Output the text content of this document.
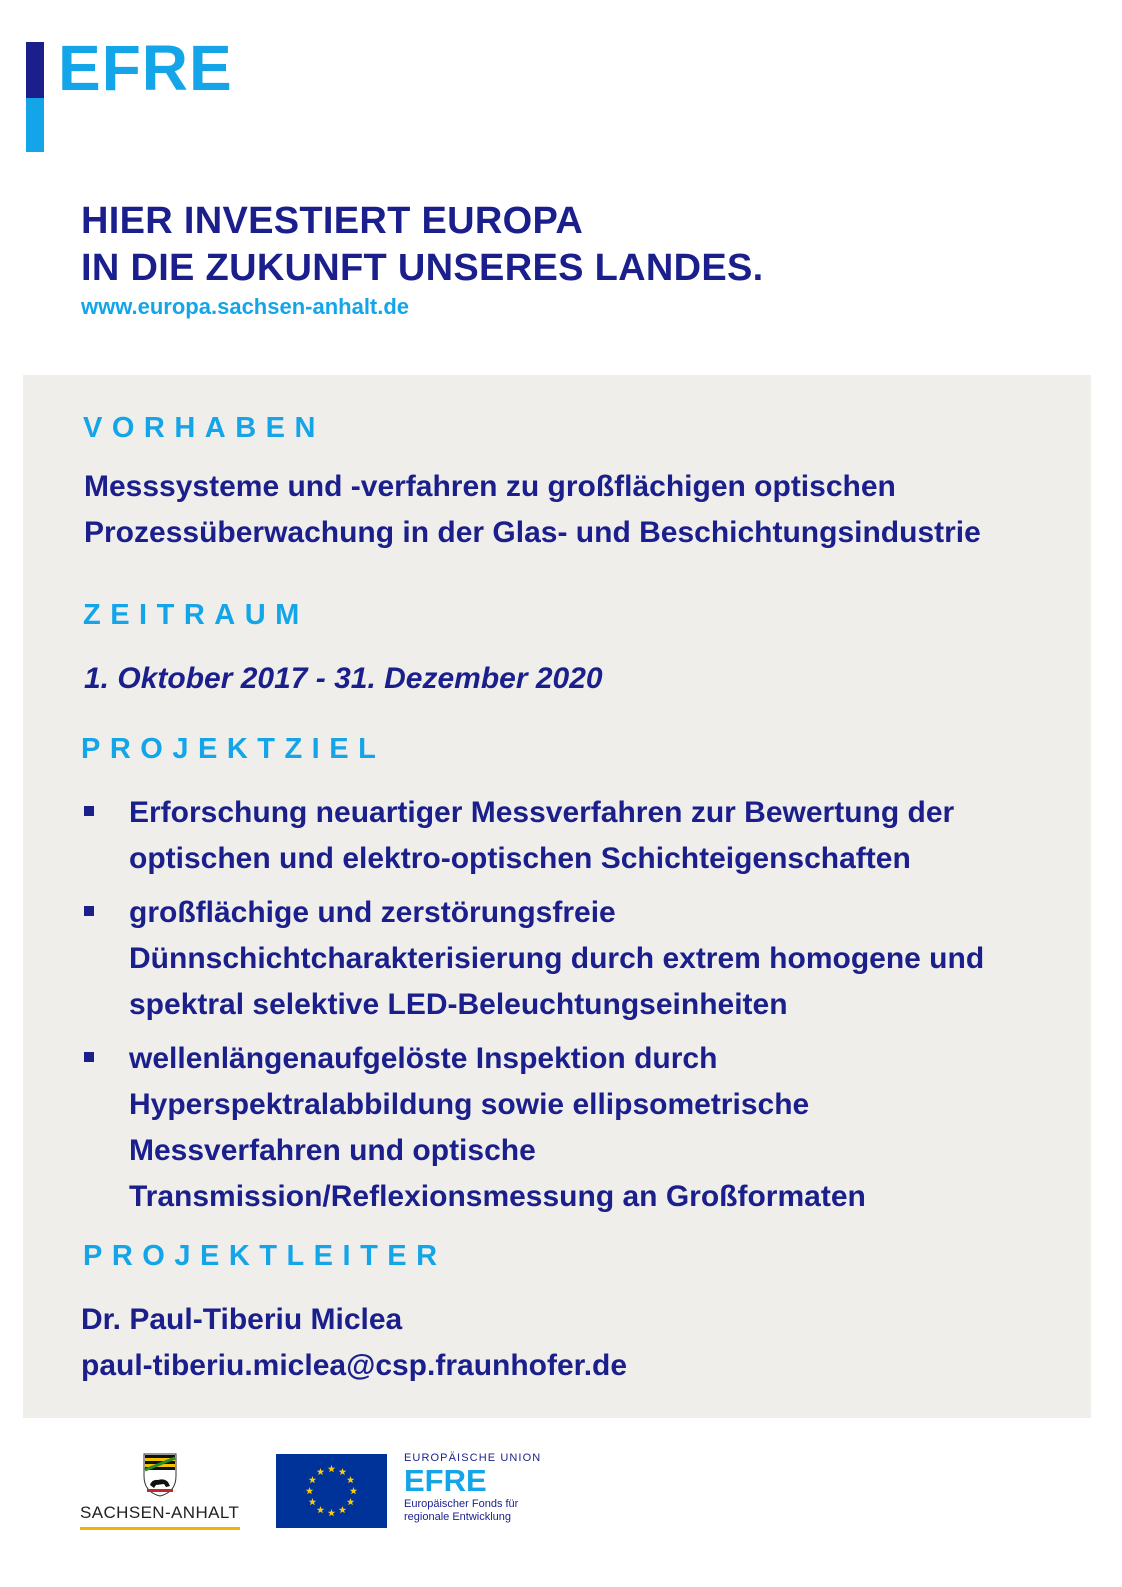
EFRE
HIER INVESTIERT EUROPA
IN DIE ZUKUNFT UNSERES LANDES.
www.europa.sachsen-anhalt.de
VORHABEN
Messsysteme und -verfahren zu großflächigen optischen
Prozessüberwachung in der Glas- und Beschichtungsindustrie
ZEITRAUM
1. Oktober 2017 - 31. Dezember 2020
PROJEKTZIEL
Erforschung neuartiger Messverfahren zur Bewertung der
optischen und elektro-optischen Schichteigenschaften
großflächige und zerstörungsfreie
Dünnschichtcharakterisierung durch extrem homogene und
spektral selektive LED-Beleuchtungseinheiten
wellenlängenaufgelöste Inspektion durch
Hyperspektralabbildung sowie ellipsometrische
Messverfahren und optische
Transmission/Reflexionsmessung an Großformaten
PROJEKTLEITER
Dr. Paul-Tiberiu Miclea
paul-tiberiu.miclea@csp.fraunhofer.de
SACHSEN-ANHALT
EUROPÄISCHE UNION
EFRE
Europäischer Fonds für
regionale Entwicklung
